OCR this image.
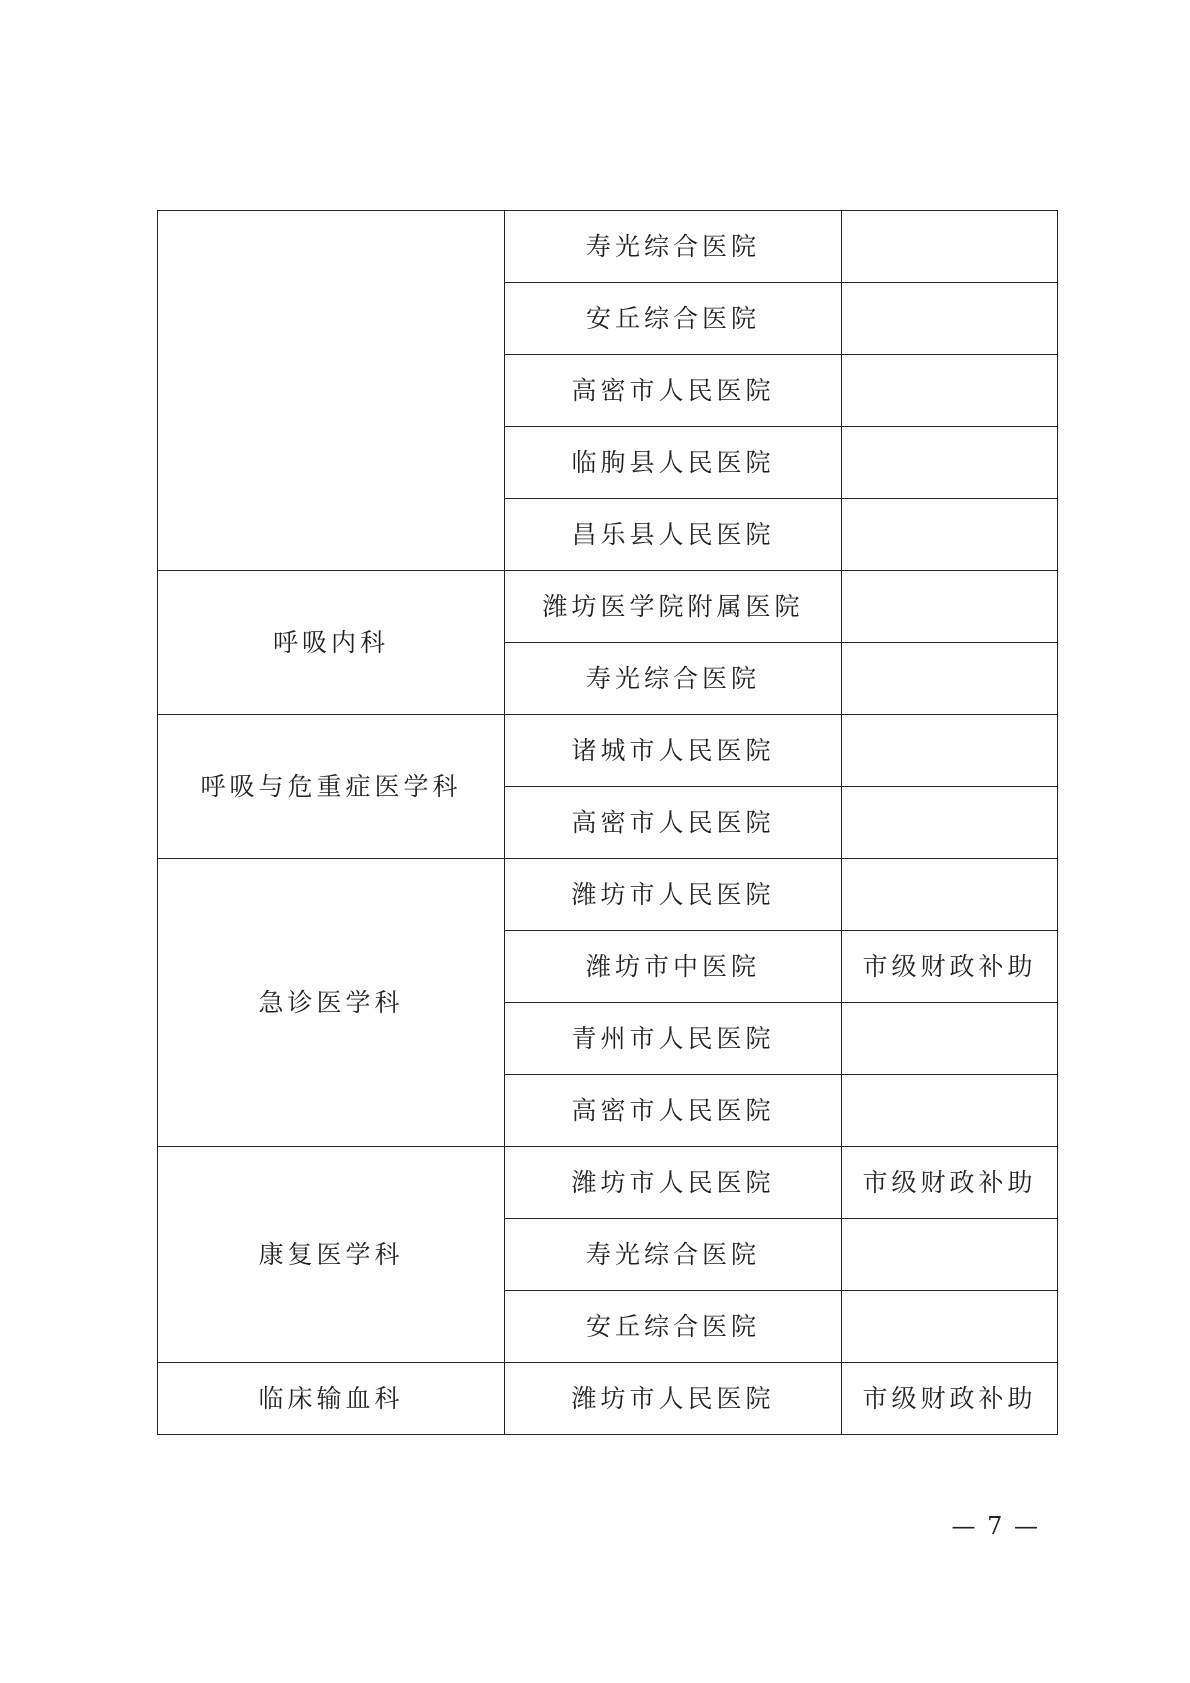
	寿光综合医院	
	安丘综合医院	
	高密市人民医院	
	临朐县人民医院	
	昌乐县人民医院	
呼吸内科	潍坊医学院附属医院	
	寿光综合医院	
呼吸与危重症医学科	诸城市人民医院	
	高密市人民医院	
急诊医学科	潍坊市人民医院	
	潍坊市中医院	市级财政补助
	青州市人民医院	
	高密市人民医院	
康复医学科	潍坊市人民医院	市级财政补助
	寿光综合医院	
	安丘综合医院	
临床输血科	潍坊市人民医院	市级财政补助
— 7 —
